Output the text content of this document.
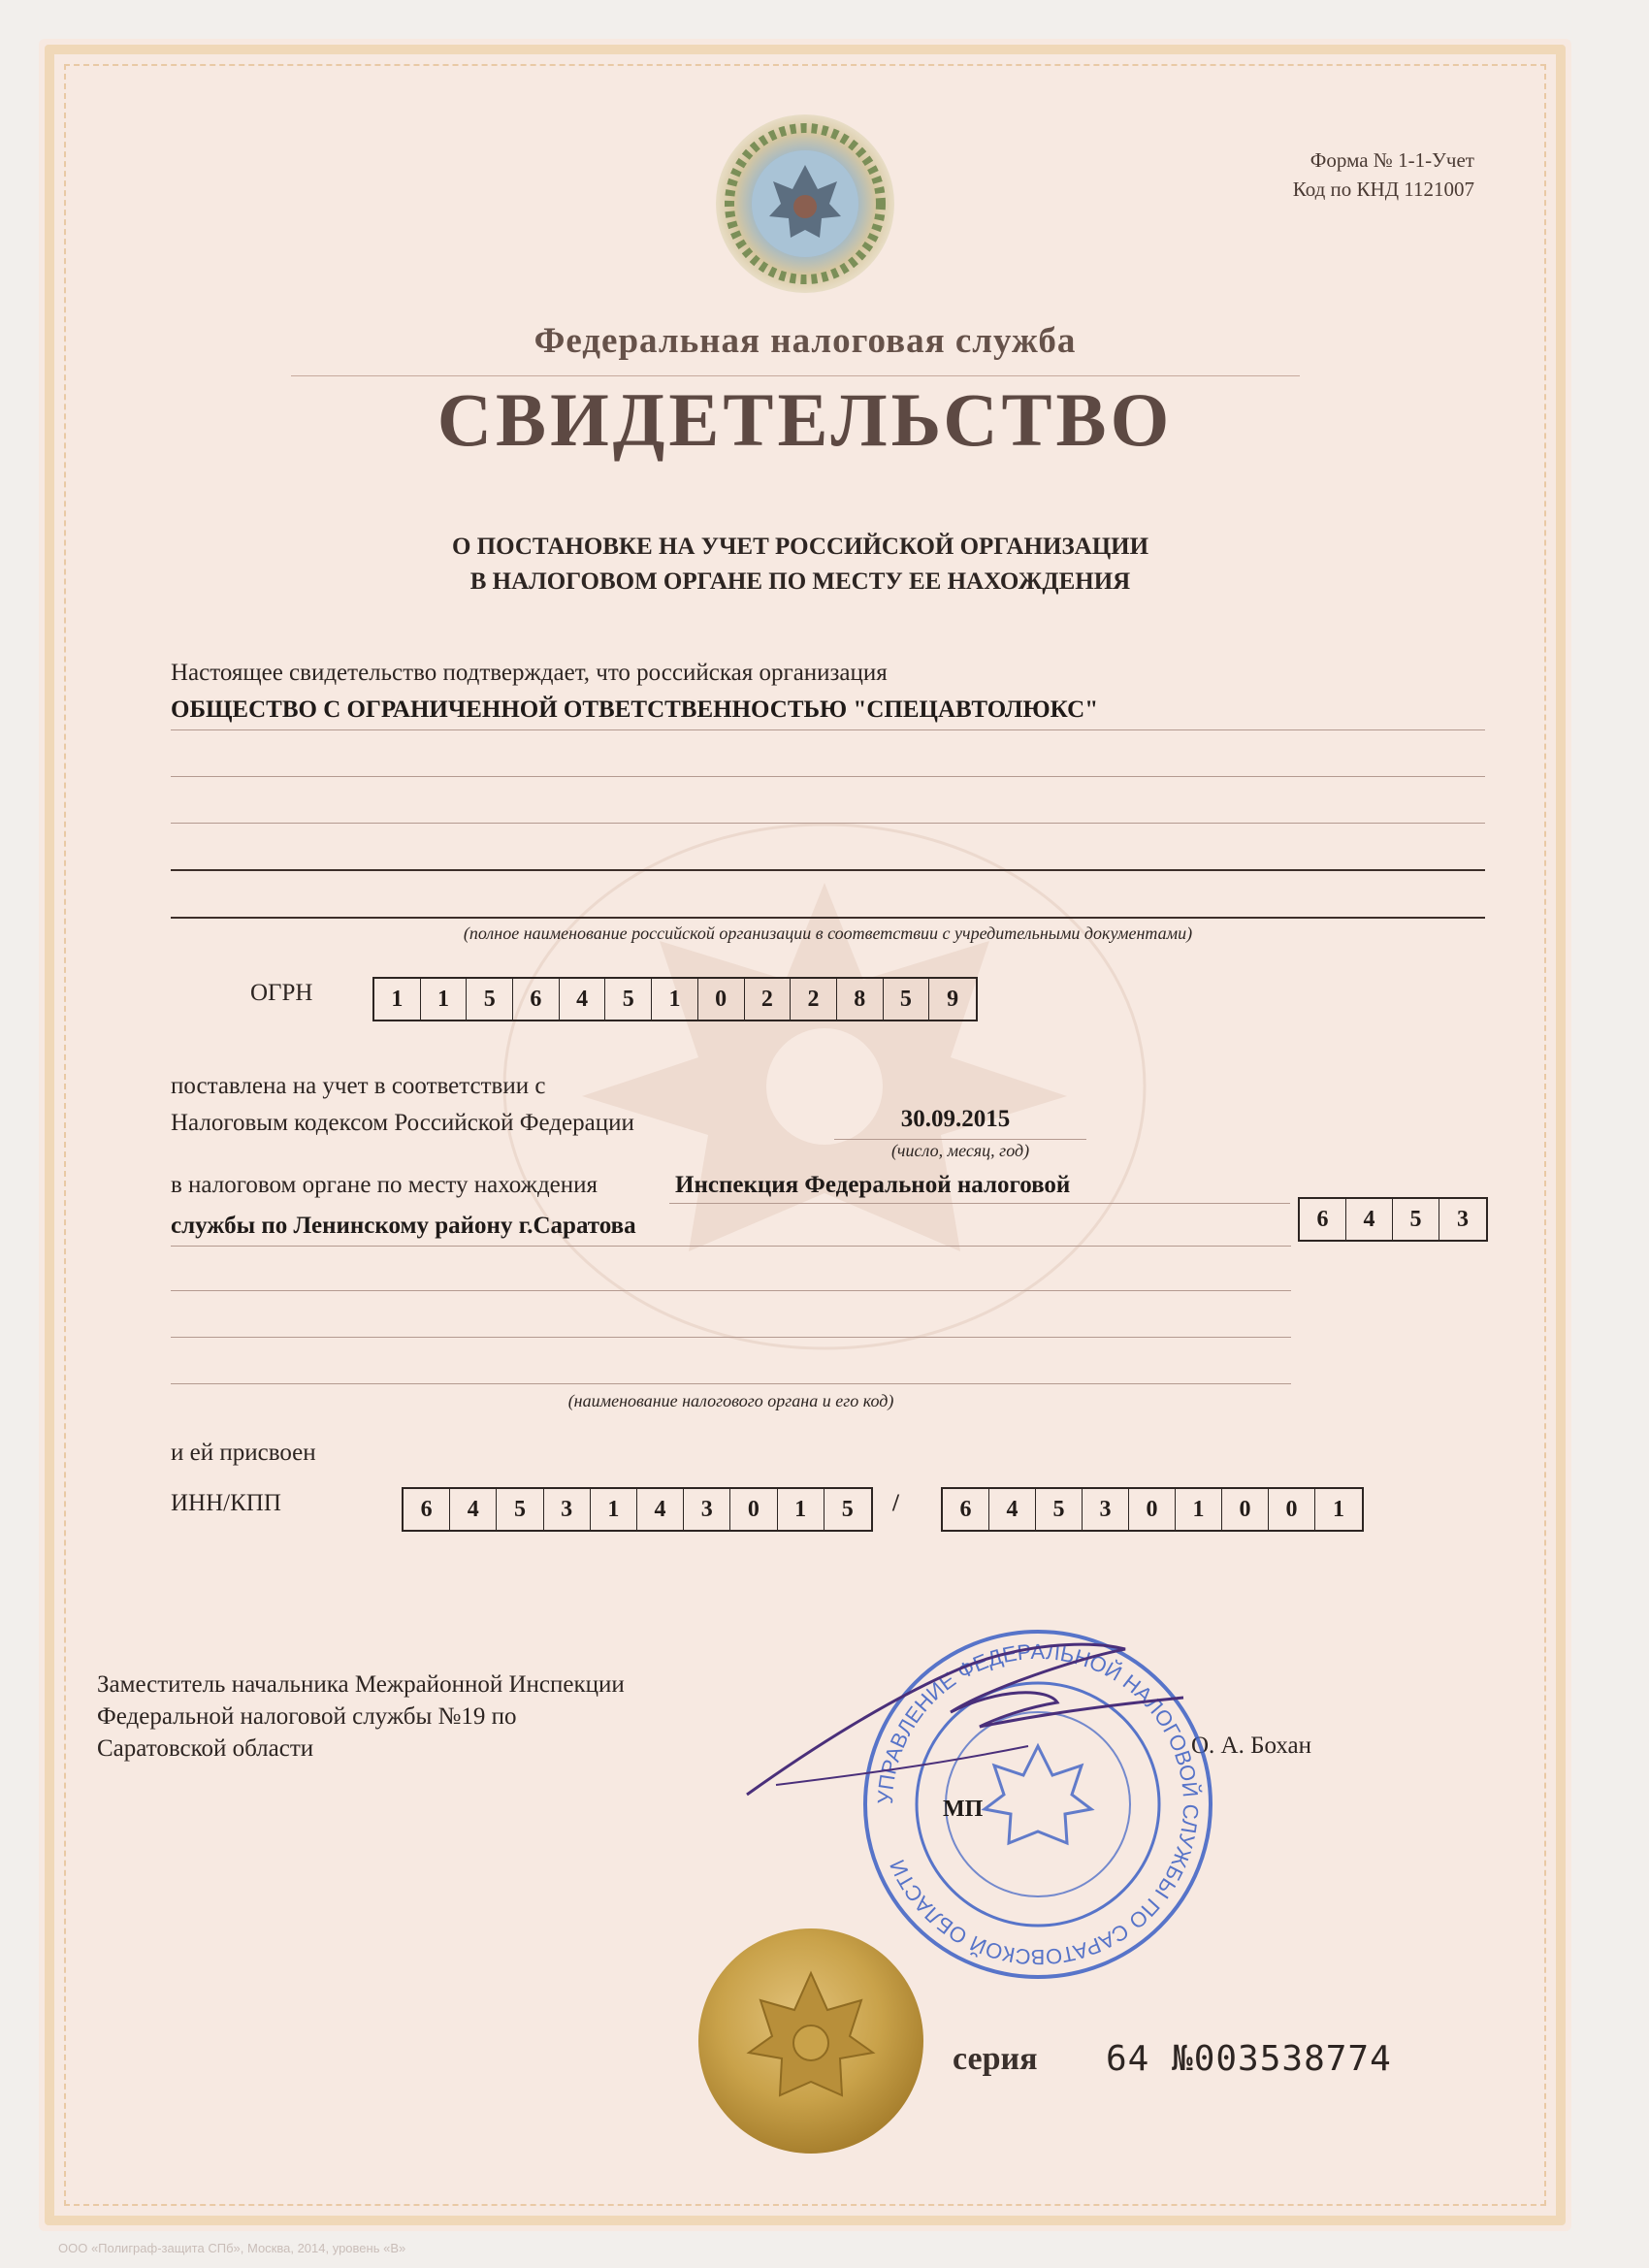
Форма № 1-1-Учет
Код по КНД 1121007
Федеральная налоговая служба
СВИДЕТЕЛЬСТВО
О ПОСТАНОВКЕ НА УЧЕТ РОССИЙСКОЙ ОРГАНИЗАЦИИ
В НАЛОГОВОМ ОРГАНЕ ПО МЕСТУ ЕЕ НАХОЖДЕНИЯ
Настоящее свидетельство подтверждает, что российская организация
ОБЩЕСТВО С ОГРАНИЧЕННОЙ ОТВЕТСТВЕННОСТЬЮ "СПЕЦАВТОЛЮКС"
(полное наименование российской организации в соответствии с учредительными документами)
ОГРН	1	1	5	6	4	5	1	0	2	2	8	5	9
поставлена на учет в соответствии с
Налоговым кодексом Российской Федерации	30.09.2015
(число, месяц, год)
в налоговом органе по месту нахождения	Инспекция Федеральной налоговой
службы по Ленинскому району г.Саратова	6	4	5	3
(наименование налогового органа и его код)
и ей присвоен
ИНН/КПП	6	4	5	3	1	4	3	0	1	5	/	6	4	5	3	0	1	0	0	1
Заместитель начальника Межрайонной Инспекции
Федеральной налоговой службы №19 по
Саратовской области	О. А. Бохан
УПРАВЛЕНИЕ ФЕДЕРАЛЬНОЙ НАЛОГОВОЙ СЛУЖБЫ ПО САРАТОВСКОЙ ОБЛАСТИ
МП
серия 64 №003538774
ООО «Полиграф-защита СПб», Москва, 2014, уровень «В»
